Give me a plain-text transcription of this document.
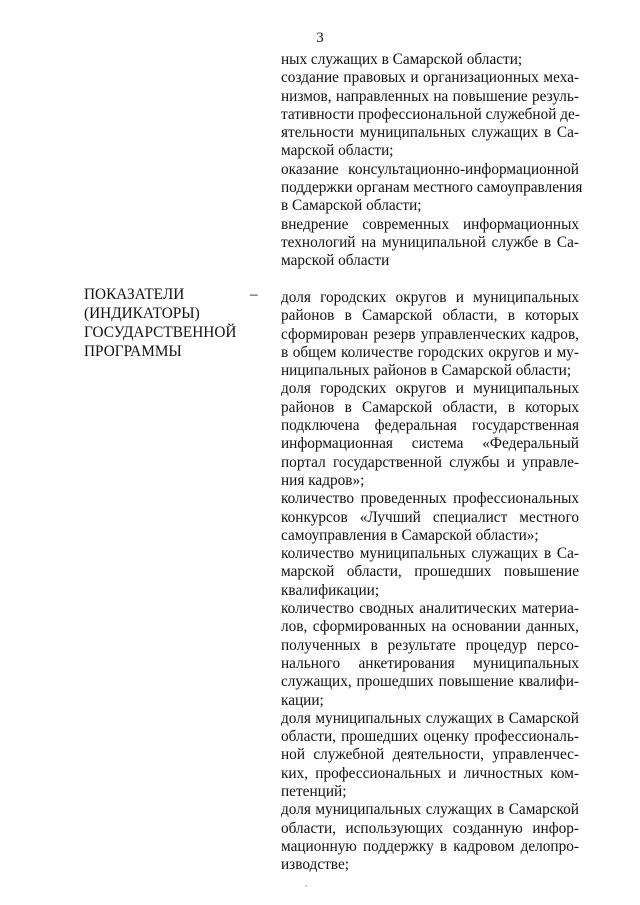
3
ных служащих в Самарской области;
создание правовых и организационных меха-
низмов, направленных на повышение резуль-
тативности профессиональной служебной де-
ятельности муниципальных служащих в Са-
марской области;
оказание консультационно-информационной
поддержки органам местного самоуправления
в Самарской области;
внедрение современных информационных
технологий на муниципальной службе в Са-
марской области
ПОКАЗАТЕЛИ
(ИНДИКАТОРЫ)
ГОСУДАРСТВЕННОЙ
ПРОГРАММЫ
– доля городских округов и муниципальных
районов в Самарской области, в которых
сформирован резерв управленческих кадров,
в общем количестве городских округов и му-
ниципальных районов в Самарской области;
доля городских округов и муниципальных
районов в Самарской области, в которых
подключена федеральная государственная
информационная система «Федеральный
портал государственной службы и управле-
ния кадров»;
количество проведенных профессиональных
конкурсов «Лучший специалист местного
самоуправления в Самарской области»;
количество муниципальных служащих в Са-
марской области, прошедших повышение
квалификации;
количество сводных аналитических материа-
лов, сформированных на основании данных,
полученных в результате процедур персо-
нального анкетирования муниципальных
служащих, прошедших повышение квалифи-
кации;
доля муниципальных служащих в Самарской
области, прошедших оценку профессиональ-
ной служебной деятельности, управленчес-
ких, профессиональных и личностных ком-
петенций;
доля муниципальных служащих в Самарской
области, использующих созданную инфор-
мационную поддержку в кадровом делопро-
изводстве;
